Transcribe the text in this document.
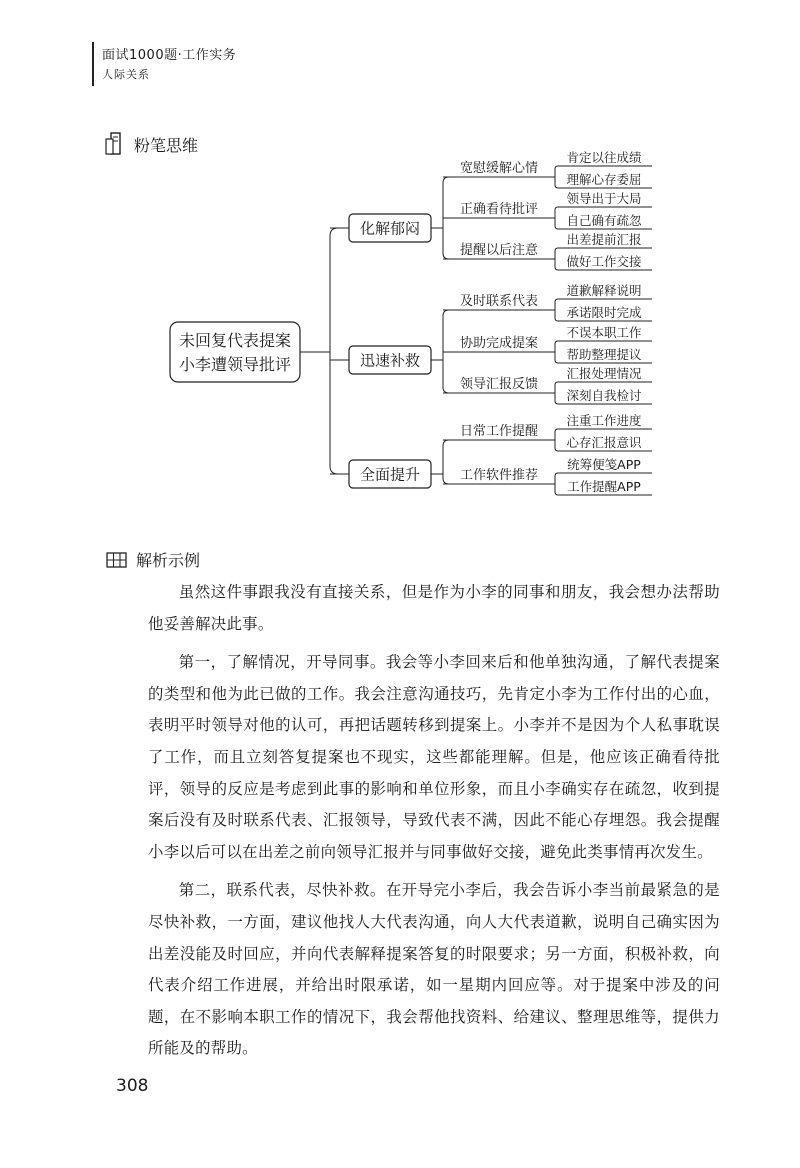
面试1000题·工作实务
人际关系
粉笔思维
未回复代表提案
小李遭领导批评
化解郁闷
宽慰缓解心情
肯定以往成绩
理解心存委屈
正确看待批评
领导出于大局
自己确有疏忽
提醒以后注意
出差提前汇报
做好工作交接
迅速补救
及时联系代表
道歉解释说明
承诺限时完成
协助完成提案
不误本职工作
帮助整理提议
领导汇报反馈
汇报处理情况
深刻自我检讨
全面提升
日常工作提醒
注重工作进度
心存汇报意识
工作软件推荐
统筹便笺APP
工作提醒APP
解析示例

虽然这件事跟我没有直接关系，但是作为小李的同事和朋友，我会想办法帮助他妥善解决此事。

第一，了解情况，开导同事。我会等小李回来后和他单独沟通，了解代表提案的类型和他为此已做的工作。我会注意沟通技巧，先肯定小李为工作付出的心血，表明平时领导对他的认可，再把话题转移到提案上。小李并不是因为个人私事耽误了工作，而且立刻答复提案也不现实，这些都能理解。但是，他应该正确看待批评，领导的反应是考虑到此事的影响和单位形象，而且小李确实存在疏忽，收到提案后没有及时联系代表、汇报领导，导致代表不满，因此不能心存埋怨。我会提醒小李以后可以在出差之前向领导汇报并与同事做好交接，避免此类事情再次发生。

第二，联系代表，尽快补救。在开导完小李后，我会告诉小李当前最紧急的是尽快补救，一方面，建议他找人大代表沟通，向人大代表道歉，说明自己确实因为出差没能及时回应，并向代表解释提案答复的时限要求；另一方面，积极补救，向代表介绍工作进展，并给出时限承诺，如一星期内回应等。对于提案中涉及的问题，在不影响本职工作的情况下，我会帮他找资料、给建议、整理思维等，提供力所能及的帮助。

308
